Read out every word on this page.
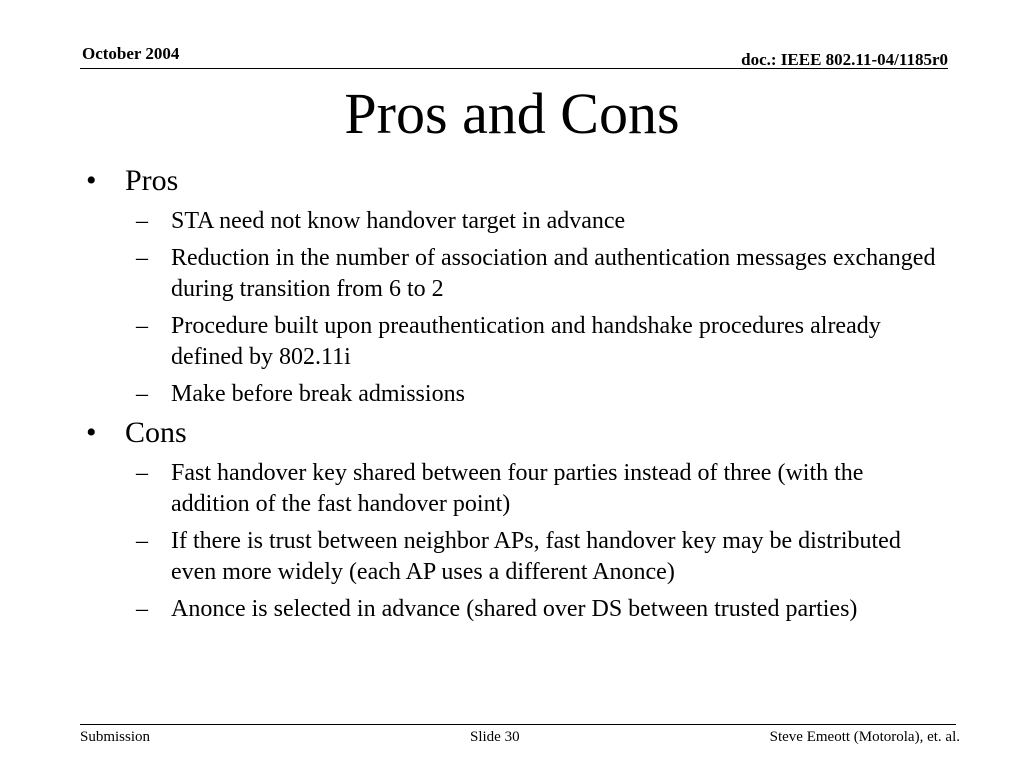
October 2004	doc.: IEEE 802.11-04/1185r0
Pros and Cons
• Pros
– STA need not know handover target in advance
– Reduction in the number of association and authentication messages exchanged during transition from 6 to 2
– Procedure built upon preauthentication and handshake procedures already defined by 802.11i
– Make before break admissions
• Cons
– Fast handover key shared between four parties instead of three (with the addition of the fast handover point)
– If there is trust between neighbor APs, fast handover key may be distributed even more widely (each AP uses a different Anonce)
– Anonce is selected in advance (shared over DS between trusted parties)
Submission	Slide 30	Steve Emeott (Motorola), et. al.
